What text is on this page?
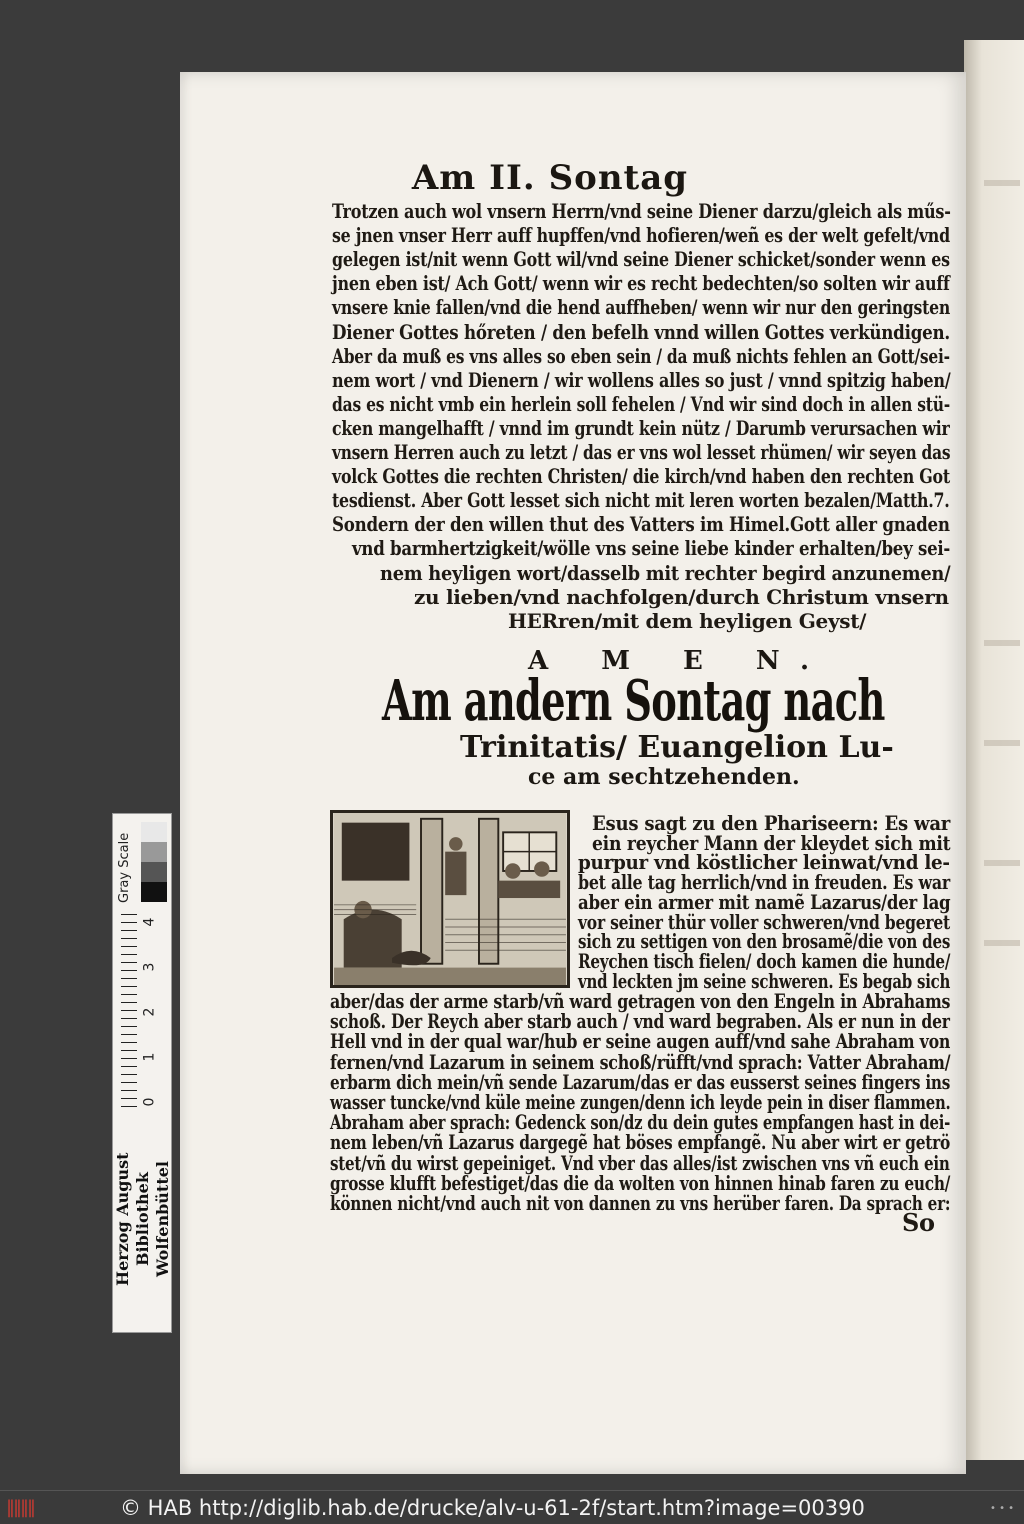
Am II. Sontag
Trotzen auch wol vnsern Herrn/vnd seine Diener darzu/gleich als műs-
se jnen vnser Herr auff hupffen/vnd hofieren/weñ es der welt gefelt/vnd
gelegen ist/nit wenn Gott wil/vnd seine Diener schicket/sonder wenn es
jnen eben ist/ Ach Gott/ wenn wir es recht bedechten/so solten wir auff
vnsere knie fallen/vnd die hend auffheben/ wenn wir nur den geringsten
Diener Gottes hőreten / den befelh vnnd willen Gottes verkündigen.
Aber da muß es vns alles so eben sein / da muß nichts fehlen an Gott/sei-
nem wort / vnd Dienern / wir wollens alles so just / vnnd spitzig haben/
das es nicht vmb ein herlein soll fehelen / Vnd wir sind doch in allen stü-
cken mangelhafft / vnnd im grundt kein nütz / Darumb verursachen wir
vnsern Herren auch zu letzt / das er vns wol lesset rhümen/ wir seyen das
volck Gottes die rechten Christen/ die kirch/vnd haben den rechten Got
tesdienst. Aber Gott lesset sich nicht mit leren worten bezalen/Matth.7.
Sondern der den willen thut des Vatters im Himel.Gott aller gnaden
vnd barmhertzigkeit/wölle vns seine liebe kinder erhalten/bey sei-
nem heyligen wort/dasselb mit rechter begird anzunemen/
zu lieben/vnd nachfolgen/durch Christum vnsern
HERren/mit dem heyligen Geyst/
A M E N.
Am andern Sontag nach
Trinitatis/ Euangelion Lu-
ce am sechtzehenden.
Esus sagt zu den Phariseern: Es war
ein reycher Mann der kleydet sich mit
purpur vnd köstlicher leinwat/vnd le-
bet alle tag herrlich/vnd in freuden. Es war
aber ein armer mit namẽ Lazarus/der lag
vor seiner thür voller schweren/vnd begeret
sich zu settigen von den brosamẽ/die von des
Reychen tisch fielen/ doch kamen die hunde/
vnd leckten jm seine schweren. Es begab sich
aber/das der arme starb/vñ ward getragen von den Engeln in Abrahams
schoß. Der Reych aber starb auch / vnd ward begraben. Als er nun in der
Hell vnd in der qual war/hub er seine augen auff/vnd sahe Abraham von
fernen/vnd Lazarum in seinem schoß/rüfft/vnd sprach: Vatter Abraham/
erbarm dich mein/vñ sende Lazarum/das er das eusserst seines fingers ins
wasser tuncke/vnd küle meine zungen/denn ich leyde pein in diser flammen.
Abraham aber sprach: Gedenck son/dz du dein gutes empfangen hast in dei-
nem leben/vñ Lazarus dargegẽ hat böses empfangẽ. Nu aber wirt er getrö
stet/vñ du wirst gepeiniget. Vnd vber das alles/ist zwischen vns vñ euch ein
grosse klufft befestiget/das die da wolten von hinnen hinab faren zu euch/
können nicht/vnd auch nit von dannen zu vns herüber faren. Da sprach er:
So
Gray Scale
4
3
2
1
0
Herzog August Bibliothek
Wolfenbüttel
‖‖‖‖	© HAB http://diglib.hab.de/drucke/alv-u-61-2f/start.htm?image=00390	• • •
